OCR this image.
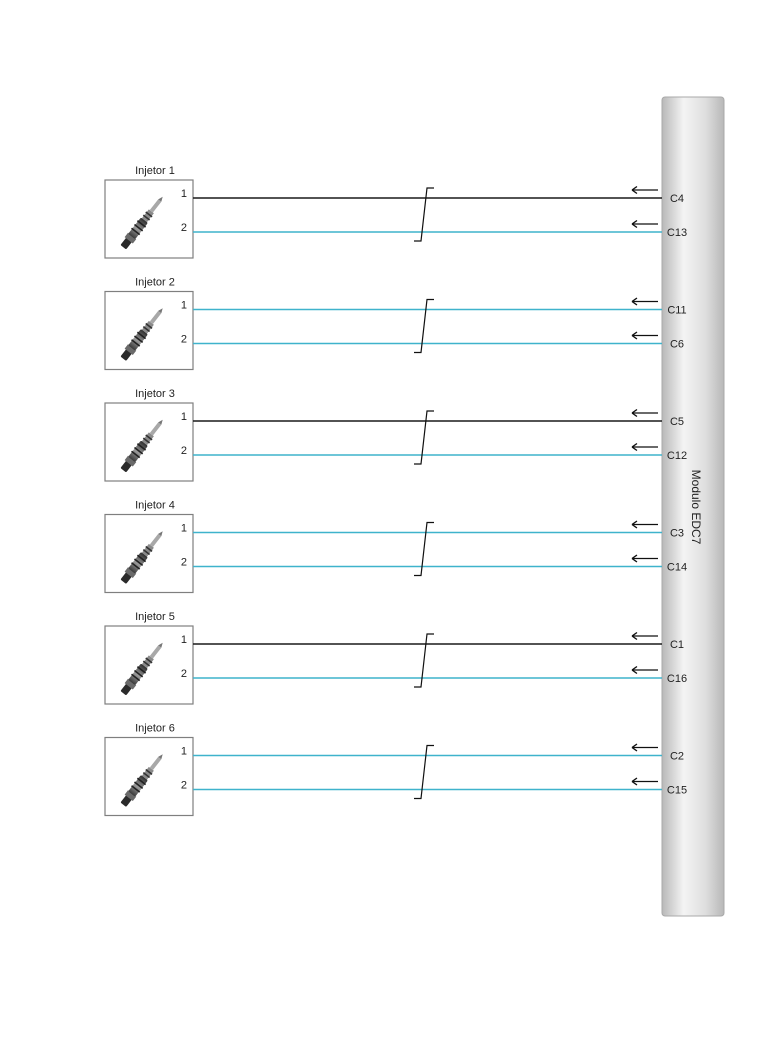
Modulo EDC7
Injetor 1
1	C4
2	C13
Injetor 2
1	C11
2	C6
Injetor 3
1	C5
2	C12
Injetor 4
1	C3
2	C14
Injetor 5
1	C1
2	C16
Injetor 6
1	C2
2	C15
